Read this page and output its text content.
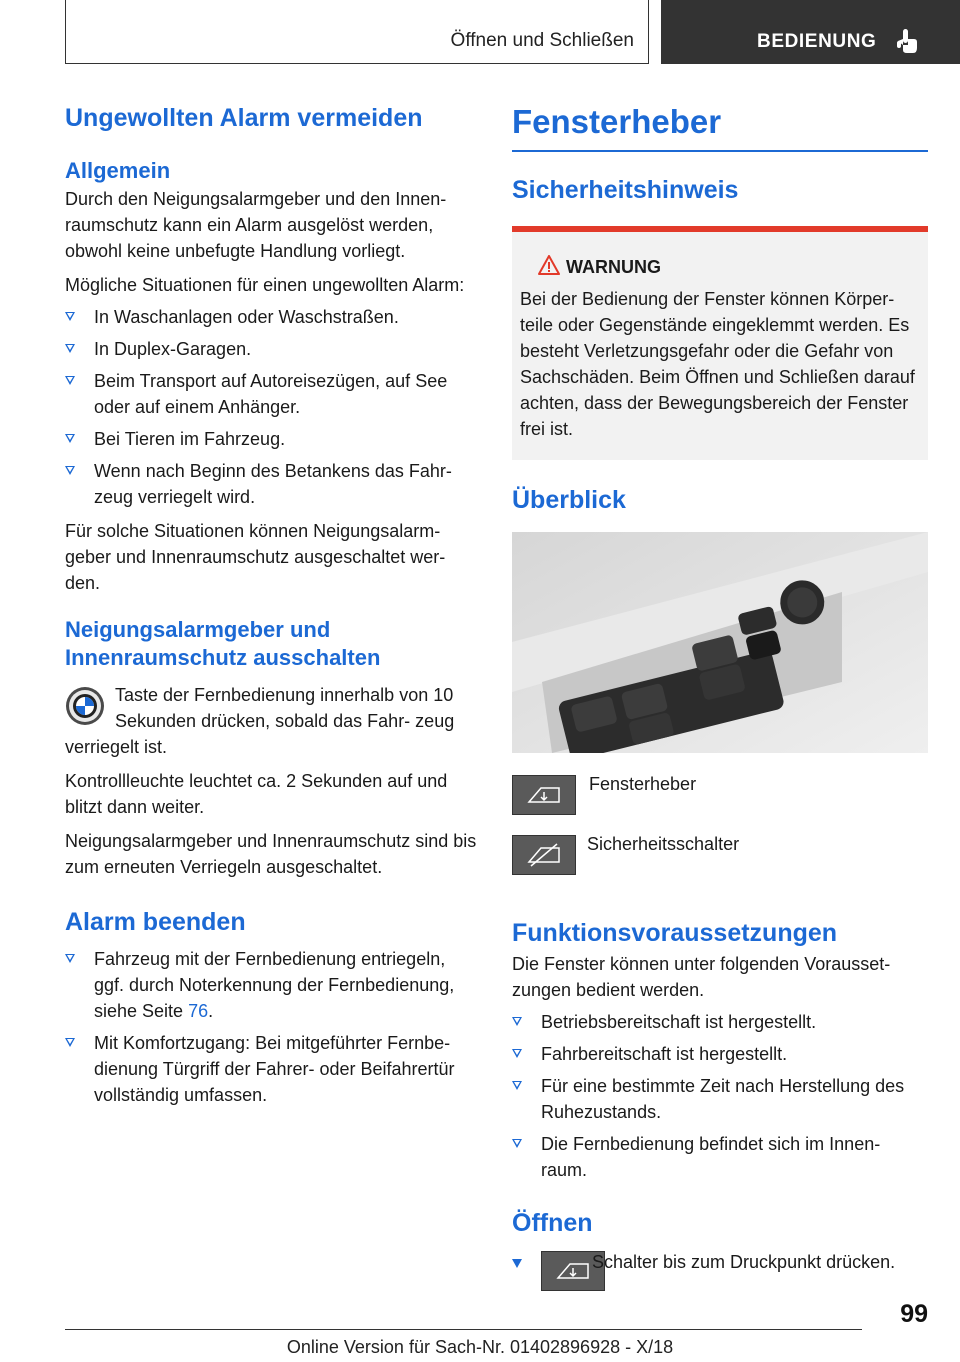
Öffnen und Schließen	BEDIENUNG
Ungewollten Alarm vermeiden
Allgemein

Durch den Neigungsalarmgeber und den Innen- raumschutz kann ein Alarm ausgelöst werden, obwohl keine unbefugte Handlung vorliegt.

Mögliche Situationen für einen ungewollten Alarm:

In Waschanlagen oder Waschstraßen.
In Duplex-Garagen.
Beim Transport auf Autoreisezügen, auf See oder auf einem Anhänger.
Bei Tieren im Fahrzeug.
Wenn nach Beginn des Betankens das Fahr- zeug verriegelt wird.

Für solche Situationen können Neigungsalarm- geber und Innenraumschutz ausgeschaltet wer- den.

Neigungsalarmgeber und Innenraumschutz ausschalten

Taste der Fernbedienung innerhalb von 10 Sekunden drücken, sobald das Fahr- zeug verriegelt ist.

Kontrollleuchte leuchtet ca. 2 Sekunden auf und blitzt dann weiter.

Neigungsalarmgeber und Innenraumschutz sind bis zum erneuten Verriegeln ausgeschaltet.

Alarm beenden
Fahrzeug mit der Fernbedienung entriegeln, ggf. durch Noterkennung der Fernbedienung, siehe Seite 76.
Mit Komfortzugang: Bei mitgeführter Fernbe- dienung Türgriff der Fahrer- oder Beifahrertür vollständig umfassen.
Fensterheber
Sicherheitshinweis
WARNUNG

Bei der Bedienung der Fenster können Körper- teile oder Gegenstände eingeklemmt werden. Es besteht Verletzungsgefahr oder die Gefahr von Sachschäden. Beim Öffnen und Schließen darauf achten, dass der Bewegungsbereich der Fenster frei ist.

Überblick
Fensterheber
Sicherheitsschalter
Funktionsvoraussetzungen

Die Fenster können unter folgenden Vorausset- zungen bedient werden.

Betriebsbereitschaft ist hergestellt.
Fahrbereitschaft ist hergestellt.
Für eine bestimmte Zeit nach Herstellung des Ruhezustands.
Die Fernbedienung befindet sich im Innen- raum.
Öffnen
Schalter bis zum Druckpunkt drücken.
99
Online Version für Sach-Nr. 01402896928 - X/18
